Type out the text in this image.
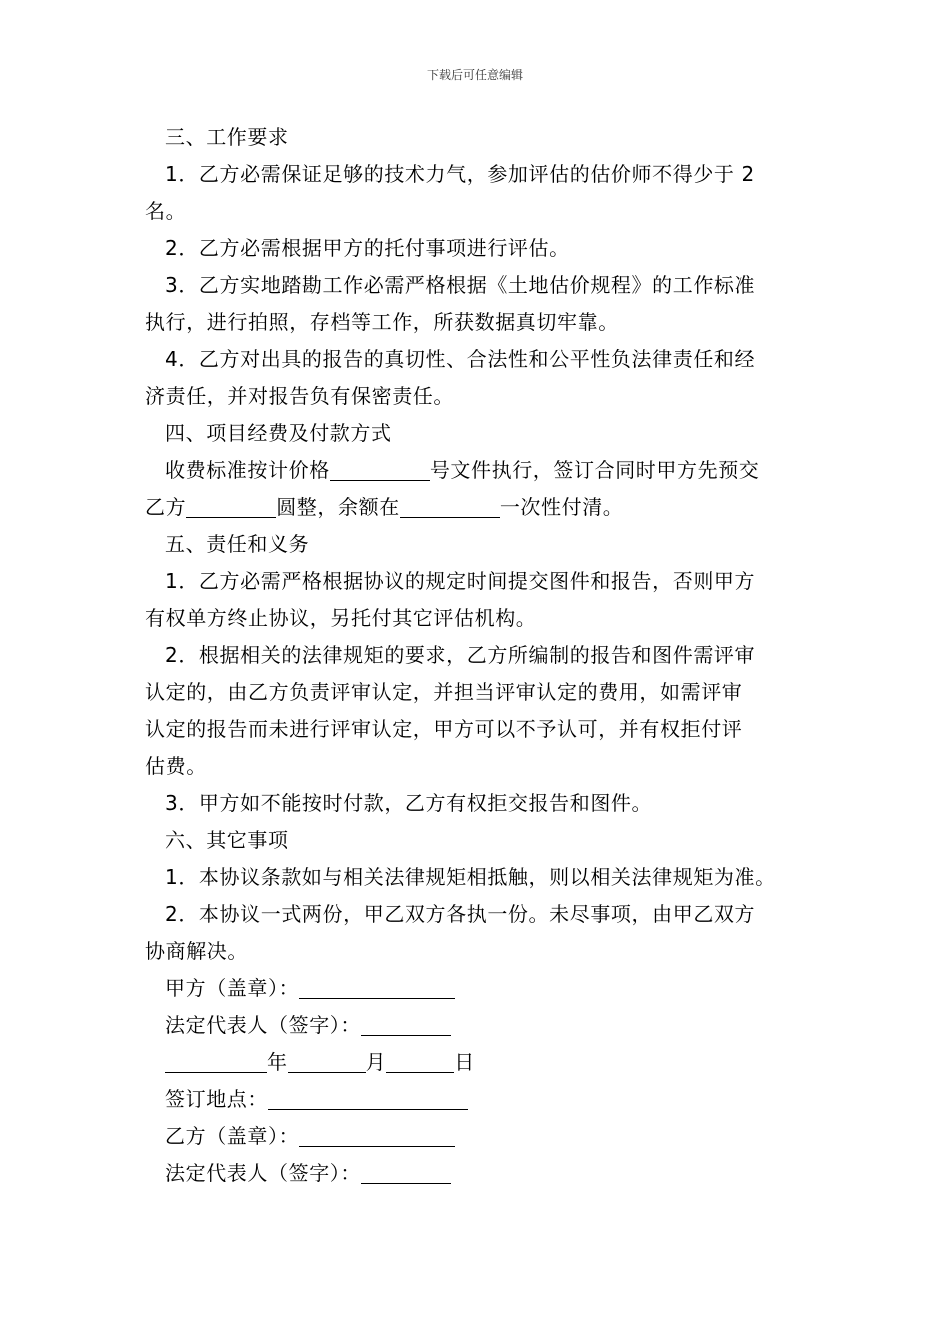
下载后可任意编辑
三、工作要求
1．乙方必需保证足够的技术力气，参加评估的估价师不得少于 2
名。
2．乙方必需根据甲方的托付事项进行评估。
3．乙方实地踏勘工作必需严格根据《土地估价规程》的工作标准
执行，进行拍照，存档等工作，所获数据真切牢靠。
4．乙方对出具的报告的真切性、合法性和公平性负法律责任和经
济责任，并对报告负有保密责任。
四、项目经费及付款方式
收费标准按计价格	号文件执行，签订合同时甲方先预交
乙方	圆整，余额在	一次性付清。
五、责任和义务
1．乙方必需严格根据协议的规定时间提交图件和报告，否则甲方
有权单方终止协议，另托付其它评估机构。
2．根据相关的法律规矩的要求，乙方所编制的报告和图件需评审
认定的，由乙方负责评审认定，并担当评审认定的费用，如需评审
认定的报告而未进行评审认定，甲方可以不予认可，并有权拒付评
估费。
3．甲方如不能按时付款，乙方有权拒交报告和图件。
六、其它事项
1．本协议条款如与相关法律规矩相抵触，则以相关法律规矩为准。
2．本协议一式两份，甲乙双方各执一份。未尽事项，由甲乙双方
协商解决。
甲方（盖章）：
法定代表人（签字）：
年	月	日
签订地点：
乙方（盖章）：
法定代表人（签字）：
